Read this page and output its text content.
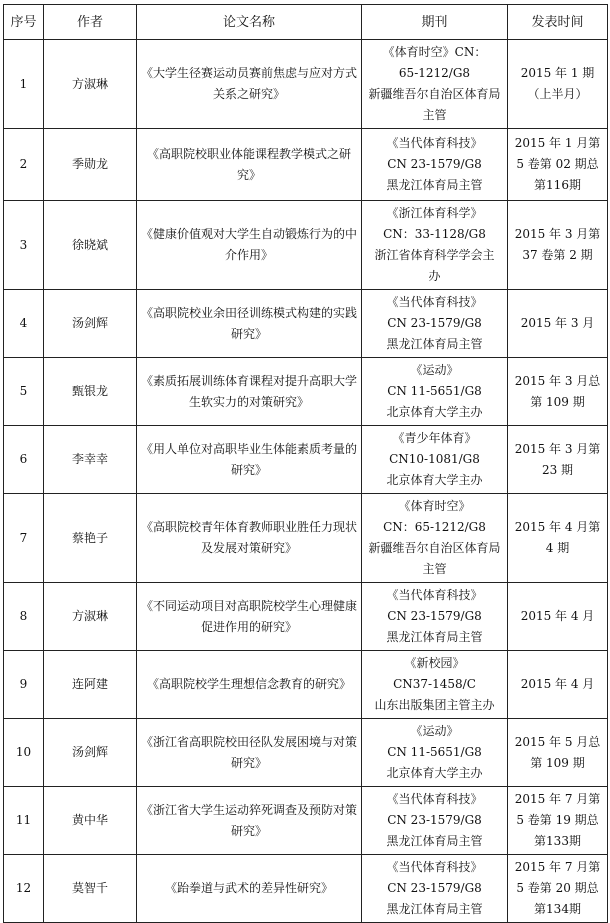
序号	作者	论文名称	期刊	发表时间
1	方淑琳	《大学生径赛运动员赛前焦虑与应对方式关系之研究》	《体育时空》CN：
65-1212/G8
新疆维吾尔自治区体育局
主管	2015 年 1 期（上半月）
2	季勋龙	《高职院校职业体能课程教学模式之研究》	《当代体育科技》
CN 23-1579/G8
黑龙江体育局主管	2015 年 1 月第 5 卷第 02 期总第116期
3	徐晓斌	《健康价值观对大学生自动锻炼行为的中介作用》	《浙江体育科学》
CN：33-1128/G8
浙江省体育科学学会主
办	2015 年 3 月第 37 卷第 2 期
4	汤剑辉	《高职院校业余田径训练模式构建的实践研究》	《当代体育科技》
CN 23-1579/G8
黑龙江体育局主管	2015 年 3 月
5	甄银龙	《素质拓展训练体育课程对提升高职大学生软实力的对策研究》	《运动》
CN 11-5651/G8
北京体育大学主办	2015 年 3 月总第 109 期
6	李幸幸	《用人单位对高职毕业生体能素质考量的研究》	《青少年体育》
CN10-1081/G8
北京体育大学主办	2015 年 3 月第 23 期
7	蔡艳子	《高职院校青年体育教师职业胜任力现状及发展对策研究》	《体育时空》
CN：65-1212/G8
新疆维吾尔自治区体育局
主管	2015 年 4 月第 4 期
8	方淑琳	《不同运动项目对高职院校学生心理健康促进作用的研究》	《当代体育科技》
CN 23-1579/G8
黑龙江体育局主管	2015 年 4 月
9	连阿建	《高职院校学生理想信念教育的研究》	《新校园》
CN37-1458/C
山东出版集团主管主办	2015 年 4 月
10	汤剑辉	《浙江省高职院校田径队发展困境与对策研究》	《运动》
CN 11-5651/G8
北京体育大学主办	2015 年 5 月总第 109 期
11	黄中华	《浙江省大学生运动猝死调查及预防对策研究》	《当代体育科技》
CN 23-1579/G8
黑龙江体育局主管	2015 年 7 月第 5 卷第 19 期总第133期
12	莫智千	《跆拳道与武术的差异性研究》	《当代体育科技》
CN 23-1579/G8
黑龙江体育局主管	2015 年 7 月第 5 卷第 20 期总第134期
